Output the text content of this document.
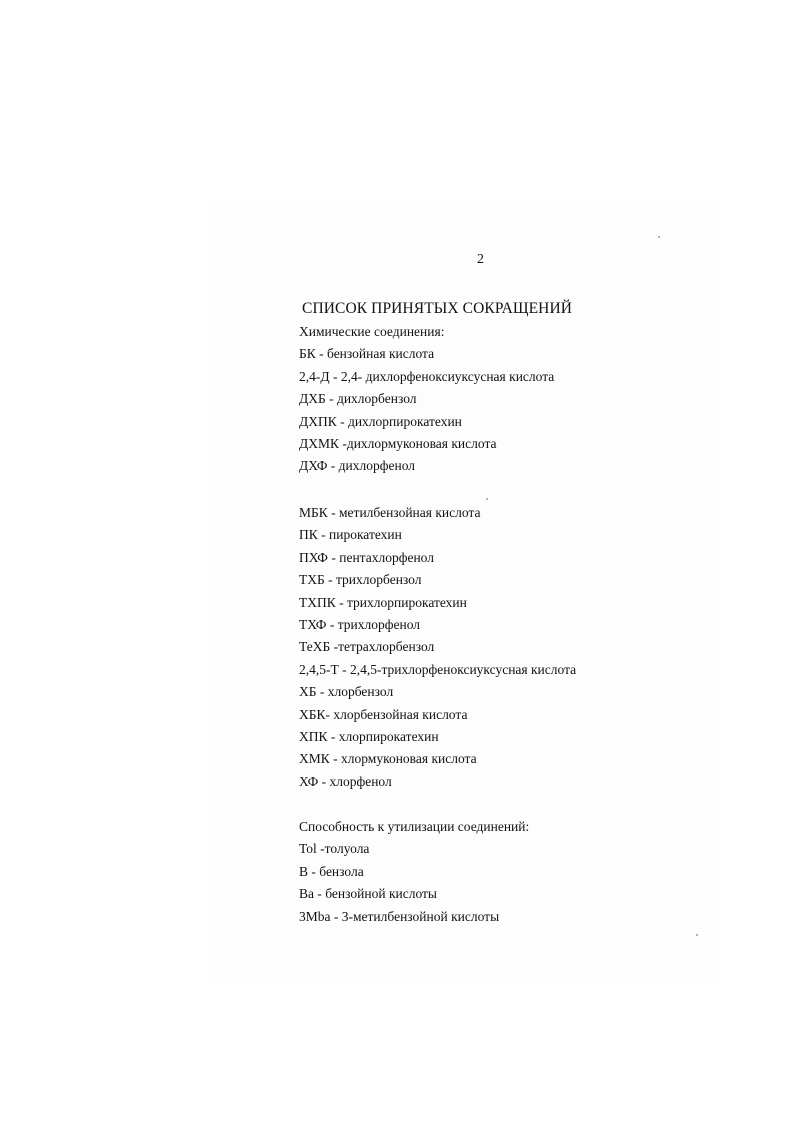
2
СПИСОК ПРИНЯТЫХ СОКРАЩЕНИЙ
Химические соединения:
БК - бензойная кислота
2,4-Д - 2,4- дихлорфеноксиуксусная кислота
ДХБ - дихлорбензол
ДХПК - дихлорпирокатехин
ДХМК -дихлормуконовая кислота
ДХФ - дихлорфенол
МБК - метилбензойная кислота
ПК - пирокатехин
ПХФ - пентахлорфенол
ТХБ - трихлорбензол
ТХПК - трихлорпирокатехин
ТХФ - трихлорфенол
ТеХБ -тетрахлорбензол
2,4,5-Т - 2,4,5-трихлорфеноксиуксусная кислота
ХБ - хлорбензол
ХБК- хлорбензойная кислота
ХПК - хлорпирокатехин
ХМК - хлормуконовая кислота
ХФ - хлорфенол
Способность к утилизации соединений:
Tol -толуола
B - бензола
Ba - бензойной кислоты
3Mba - 3-метилбензойной кислоты
